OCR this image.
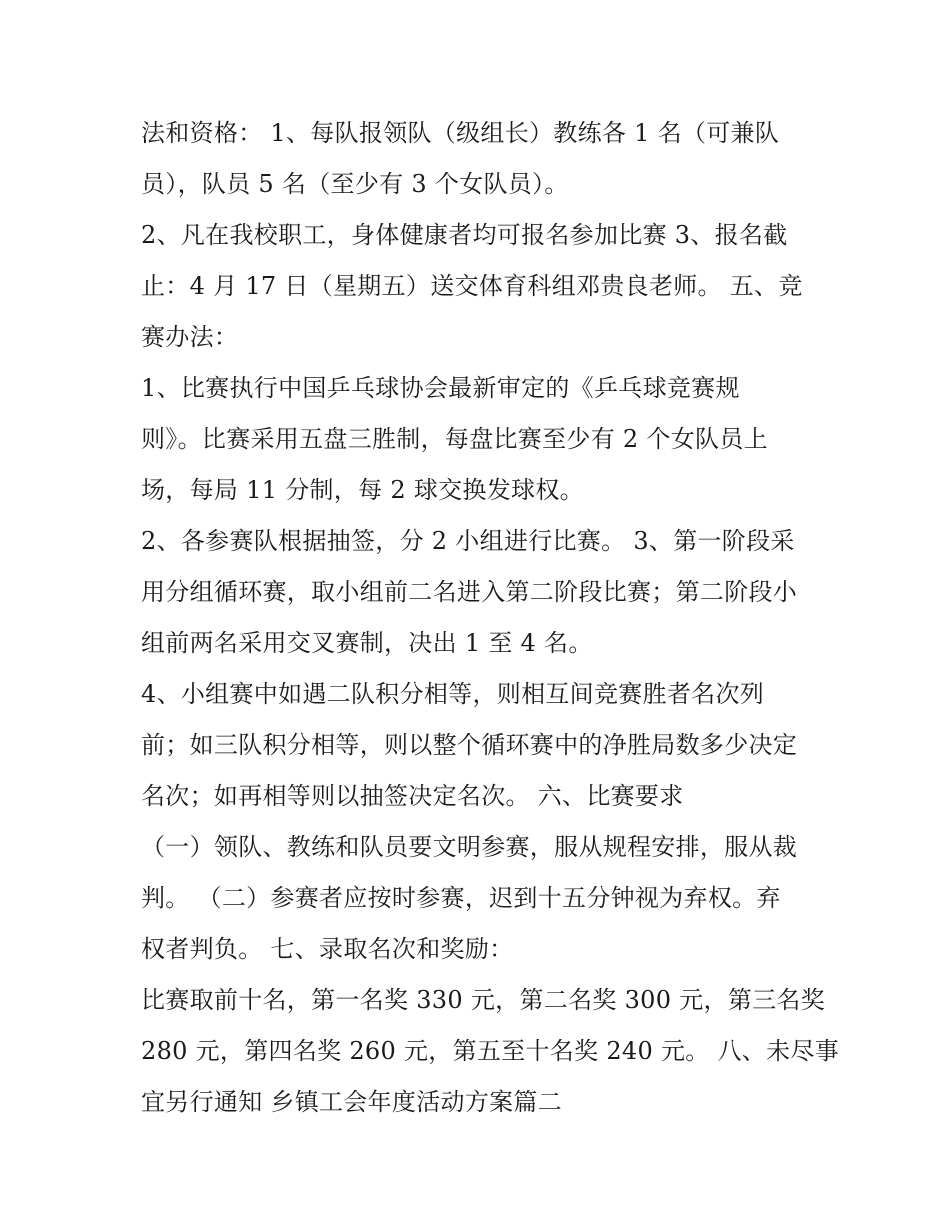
法和资格： 1、每队报领队（级组长）教练各 1 名（可兼队
员），队员 5 名（至少有 3 个女队员）。
2、凡在我校职工，身体健康者均可报名参加比赛 3、报名截
止：4 月 17 日（星期五）送交体育科组邓贵良老师。 五、竞
赛办法：
1、比赛执行中国乒乓球协会最新审定的《乒乓球竞赛规
则》。比赛采用五盘三胜制，每盘比赛至少有 2 个女队员上
场，每局 11 分制，每 2 球交换发球权。
2、各参赛队根据抽签，分 2 小组进行比赛。 3、第一阶段采
用分组循环赛，取小组前二名进入第二阶段比赛；第二阶段小
组前两名采用交叉赛制，决出 1 至 4 名。
4、小组赛中如遇二队积分相等，则相互间竞赛胜者名次列
前；如三队积分相等，则以整个循环赛中的净胜局数多少决定
名次；如再相等则以抽签决定名次。 六、比赛要求
（一）领队、教练和队员要文明参赛，服从规程安排，服从裁
判。 （二）参赛者应按时参赛，迟到十五分钟视为弃权。弃
权者判负。 七、录取名次和奖励：
比赛取前十名，第一名奖 330 元，第二名奖 300 元，第三名奖
280 元，第四名奖 260 元，第五至十名奖 240 元。 八、未尽事
宜另行通知 乡镇工会年度活动方案篇二
